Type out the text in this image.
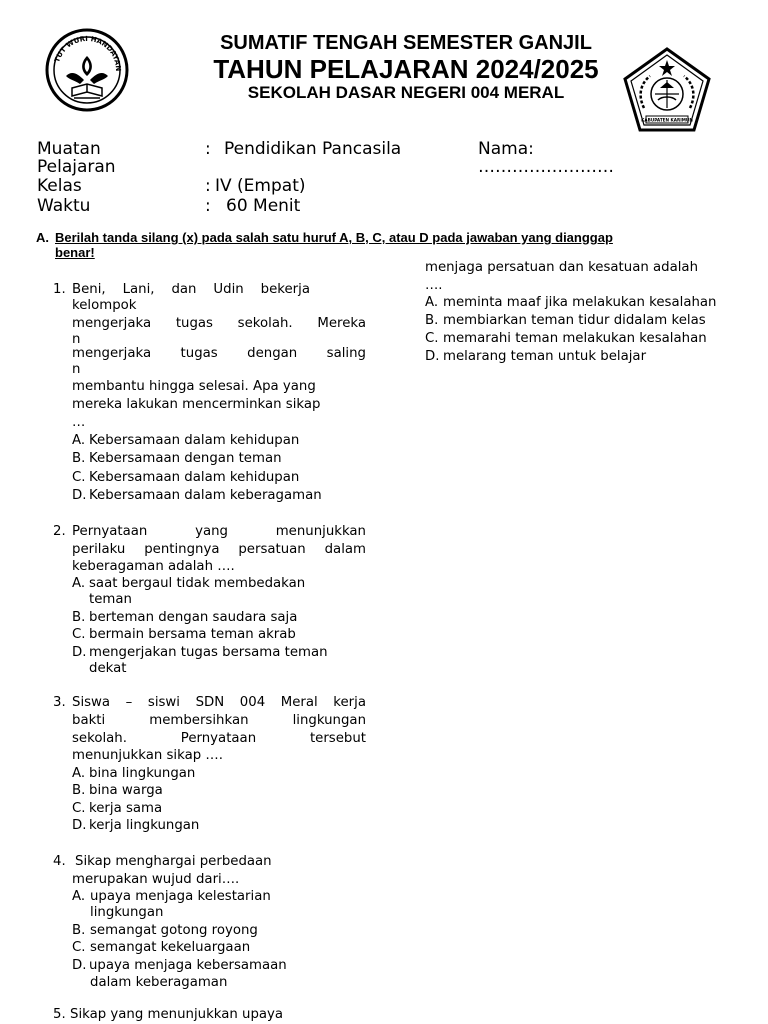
TUT WURI HANDAYAN
KABUPATEN KARIMUN
SUMATIF TENGAH SEMESTER GANJIL
TAHUN PELAJARAN 2024/2025
SEKOLAH DASAR NEGERI 004 MERAL
Muatan
Pelajaran
: Pendidikan Pancasila
Kelas	: IV (Empat)
Waktu	: 60 Menit
Nama:
……………………
A. Berilah tanda silang (x) pada salah satu huruf A, B, C, atau D pada jawaban yang dianggap
benar!
1. Beni, Lani, dan Udin bekerja
kelompok
mengerjaka tugas sekolah. Mereka
n
mengerjaka tugas dengan saling
n
membantu hingga selesai. Apa yang
mereka lakukan mencerminkan sikap
…
A. Kebersamaan dalam kehidupan
B. Kebersamaan dengan teman
C. Kebersamaan dalam kehidupan
D. Kebersamaan dalam keberagaman
2. Pernyataan yang menunjukkan
perilaku pentingnya persatuan dalam
keberagaman adalah ….
A. saat bergaul tidak membedakan
teman
B. berteman dengan saudara saja
C. bermain bersama teman akrab
D. mengerjakan tugas bersama teman
dekat
3. Siswa – siswi SDN 004 Meral kerja
bakti membersihkan lingkungan
sekolah. Pernyataan tersebut
menunjukkan sikap ….
A. bina lingkungan
B. bina warga
C. kerja sama
D. kerja lingkungan
4. Sikap menghargai perbedaan
merupakan wujud dari….
A. upaya menjaga kelestarian
lingkungan
B. semangat gotong royong
C. semangat kekeluargaan
D. upaya menjaga kebersamaan
dalam keberagaman
5. Sikap yang menunjukkan upaya
menjaga persatuan dan kesatuan adalah
….
A. meminta maaf jika melakukan kesalahan
B. membiarkan teman tidur didalam kelas
C. memarahi teman melakukan kesalahan
D. melarang teman untuk belajar
